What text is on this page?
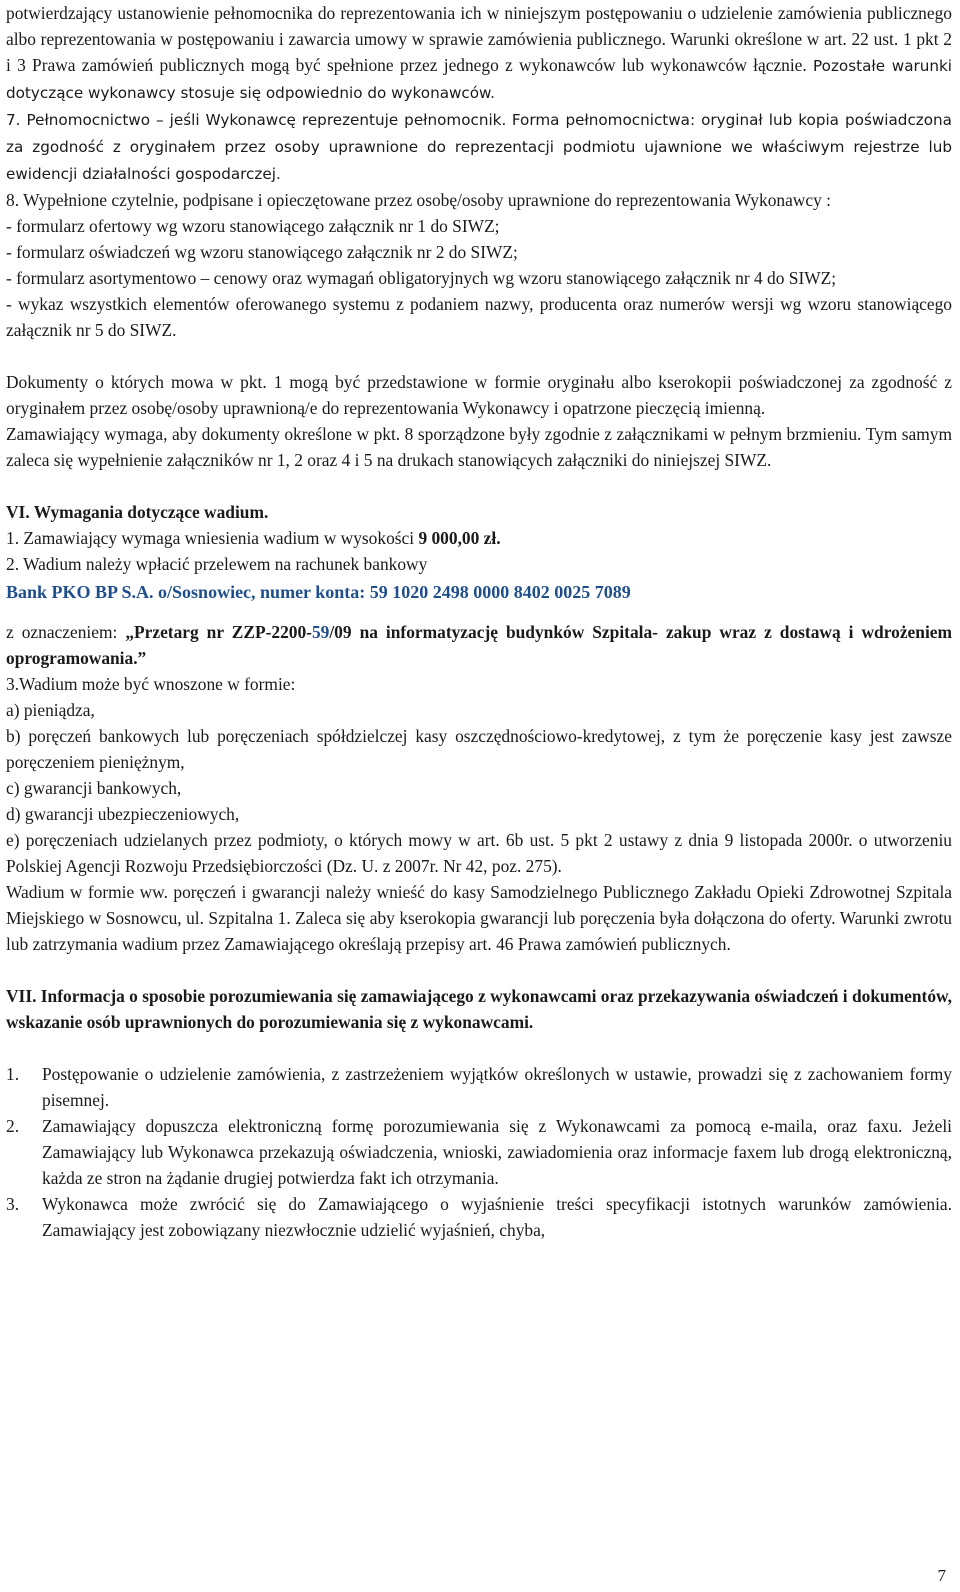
potwierdzający ustanowienie pełnomocnika do reprezentowania ich w niniejszym postępowaniu o udzielenie zamówienia publicznego albo reprezentowania w postępowaniu i zawarcia umowy w sprawie zamówienia publicznego. Warunki określone w art. 22 ust. 1 pkt 2 i 3 Prawa zamówień publicznych mogą być spełnione przez jednego z wykonawców lub wykonawców łącznie. Pozostałe warunki dotyczące wykonawcy stosuje się odpowiednio do wykonawców.

7. Pełnomocnictwo – jeśli Wykonawcę reprezentuje pełnomocnik. Forma pełnomocnictwa: oryginał lub kopia poświadczona za zgodność z oryginałem przez osoby uprawnione do reprezentacji podmiotu ujawnione we właściwym rejestrze lub ewidencji działalności gospodarczej.

8. Wypełnione czytelnie, podpisane i opieczętowane przez osobę/osoby uprawnione do reprezentowania Wykonawcy :

- formularz ofertowy wg wzoru stanowiącego załącznik nr 1 do SIWZ;

- formularz oświadczeń wg wzoru stanowiącego załącznik nr 2 do SIWZ;

- formularz asortymentowo – cenowy oraz wymagań obligatoryjnych wg wzoru stanowiącego załącznik nr 4 do SIWZ;

- wykaz wszystkich elementów oferowanego systemu z podaniem nazwy, producenta oraz numerów wersji wg wzoru stanowiącego załącznik nr 5 do SIWZ.

Dokumenty o których mowa w pkt. 1 mogą być przedstawione w formie oryginału albo kserokopii poświadczonej za zgodność z oryginałem przez osobę/osoby uprawnioną/e do reprezentowania Wykonawcy i opatrzone pieczęcią imienną.

Zamawiający wymaga, aby dokumenty określone w pkt. 8 sporządzone były zgodnie z załącznikami w pełnym brzmieniu. Tym samym zaleca się wypełnienie załączników nr 1, 2 oraz 4 i 5 na drukach stanowiących załączniki do niniejszej SIWZ.

VI. Wymagania dotyczące wadium.

1. Zamawiający wymaga wniesienia wadium w wysokości 9 000,00 zł.

2. Wadium należy wpłacić przelewem na rachunek bankowy

Bank PKO BP S.A. o/Sosnowiec, numer konta: 59 1020 2498 0000 8402 0025 7089

z oznaczeniem: „Przetarg nr ZZP-2200-59/09 na informatyzację budynków Szpitala- zakup wraz z dostawą i wdrożeniem oprogramowania.”

3.Wadium może być wnoszone w formie:

a) pieniądza,

b) poręczeń bankowych lub poręczeniach spółdzielczej kasy oszczędnościowo-kredytowej, z tym że poręczenie kasy jest zawsze poręczeniem pieniężnym,

c) gwarancji bankowych,

d) gwarancji ubezpieczeniowych,

e) poręczeniach udzielanych przez podmioty, o których mowy w art. 6b ust. 5 pkt 2 ustawy z dnia 9 listopada 2000r. o utworzeniu Polskiej Agencji Rozwoju Przedsiębiorczości (Dz. U. z 2007r. Nr 42, poz. 275).

Wadium w formie ww. poręczeń i gwarancji należy wnieść do kasy Samodzielnego Publicznego Zakładu Opieki Zdrowotnej Szpitala Miejskiego w Sosnowcu, ul. Szpitalna 1. Zaleca się aby kserokopia gwarancji lub poręczenia była dołączona do oferty. Warunki zwrotu lub zatrzymania wadium przez Zamawiającego określają przepisy art. 46 Prawa zamówień publicznych.

VII. Informacja o sposobie porozumiewania się zamawiającego z wykonawcami oraz przekazywania oświadczeń i dokumentów, wskazanie osób uprawnionych do porozumiewania się z wykonawcami.

1. Postępowanie o udzielenie zamówienia, z zastrzeżeniem wyjątków określonych w ustawie, prowadzi się z zachowaniem formy pisemnej.
2. Zamawiający dopuszcza elektroniczną formę porozumiewania się z Wykonawcami za pomocą e-maila, oraz faxu. Jeżeli Zamawiający lub Wykonawca przekazują oświadczenia, wnioski, zawiadomienia oraz informacje faxem lub drogą elektroniczną, każda ze stron na żądanie drugiej potwierdza fakt ich otrzymania.
3. Wykonawca może zwrócić się do Zamawiającego o wyjaśnienie treści specyfikacji istotnych warunków zamówienia. Zamawiający jest zobowiązany niezwłocznie udzielić wyjaśnień, chyba,
7
